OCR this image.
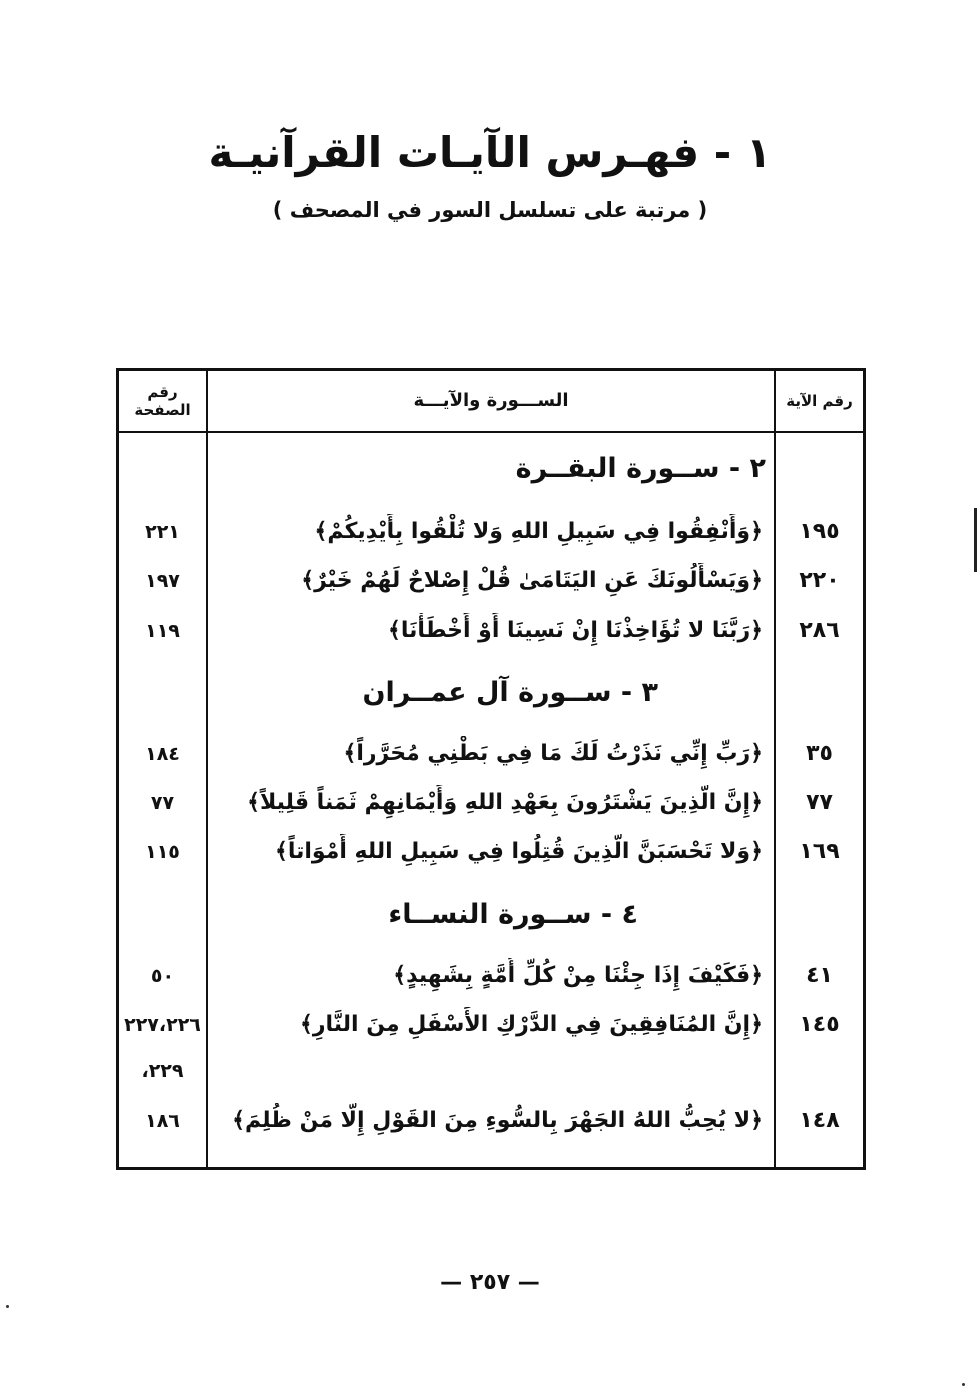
١ - فهـرس الآيـات القرآنيـة
( مرتبة على تسلسل السور في المصحف )
رقم الآية
الســـورة والآيـــة
رقم الصفحة
٢ - ســورة البقــرة
١٩٥
﴿وَأَنْفِقُوا فِي سَبِيلِ اللهِ وَلا تُلْقُوا بِأَيْدِيكُمْ﴾
٢٢١
٢٢٠
﴿وَيَسْأَلُونَكَ عَنِ اليَتَامَىٰ قُلْ إِصْلاحٌ لَهُمْ خَيْرٌ﴾
١٩٧
٢٨٦
﴿رَبَّنَا لا تُؤَاخِذْنَا إِنْ نَسِينَا أَوْ أَخْطَأْنَا﴾
١١٩
٣ - ســورة آل عمــران
٣٥
﴿رَبِّ إِنِّي نَذَرْتُ لَكَ مَا فِي بَطْنِي مُحَرَّراً﴾
١٨٤
٧٧
﴿إِنَّ الَّذِينَ يَشْتَرُونَ بِعَهْدِ اللهِ وَأَيْمَانِهِمْ ثَمَناً قَلِيلاً﴾
٧٧
١٦٩
﴿وَلا تَحْسَبَنَّ الَّذِينَ قُتِلُوا فِي سَبِيلِ اللهِ أَمْوَاتاً﴾
١١٥
٤ - ســورة النســاء
٤١
﴿فَكَيْفَ إِذَا جِئْنَا مِنْ كُلِّ أُمَّةٍ بِشَهِيدٍ﴾
٥٠
١٤٥
﴿إِنَّ المُنَافِقِينَ فِي الدَّرْكِ الأَسْفَلِ مِنَ النَّارِ﴾
٢٢٧،٢٢٦
٢٢٩،
١٤٨
﴿لا يُحِبُّ اللهُ الجَهْرَ بِالسُّوءِ مِنَ القَوْلِ إِلَّا مَنْ ظُلِمَ﴾
١٨٦
— ٢٥٧ —
